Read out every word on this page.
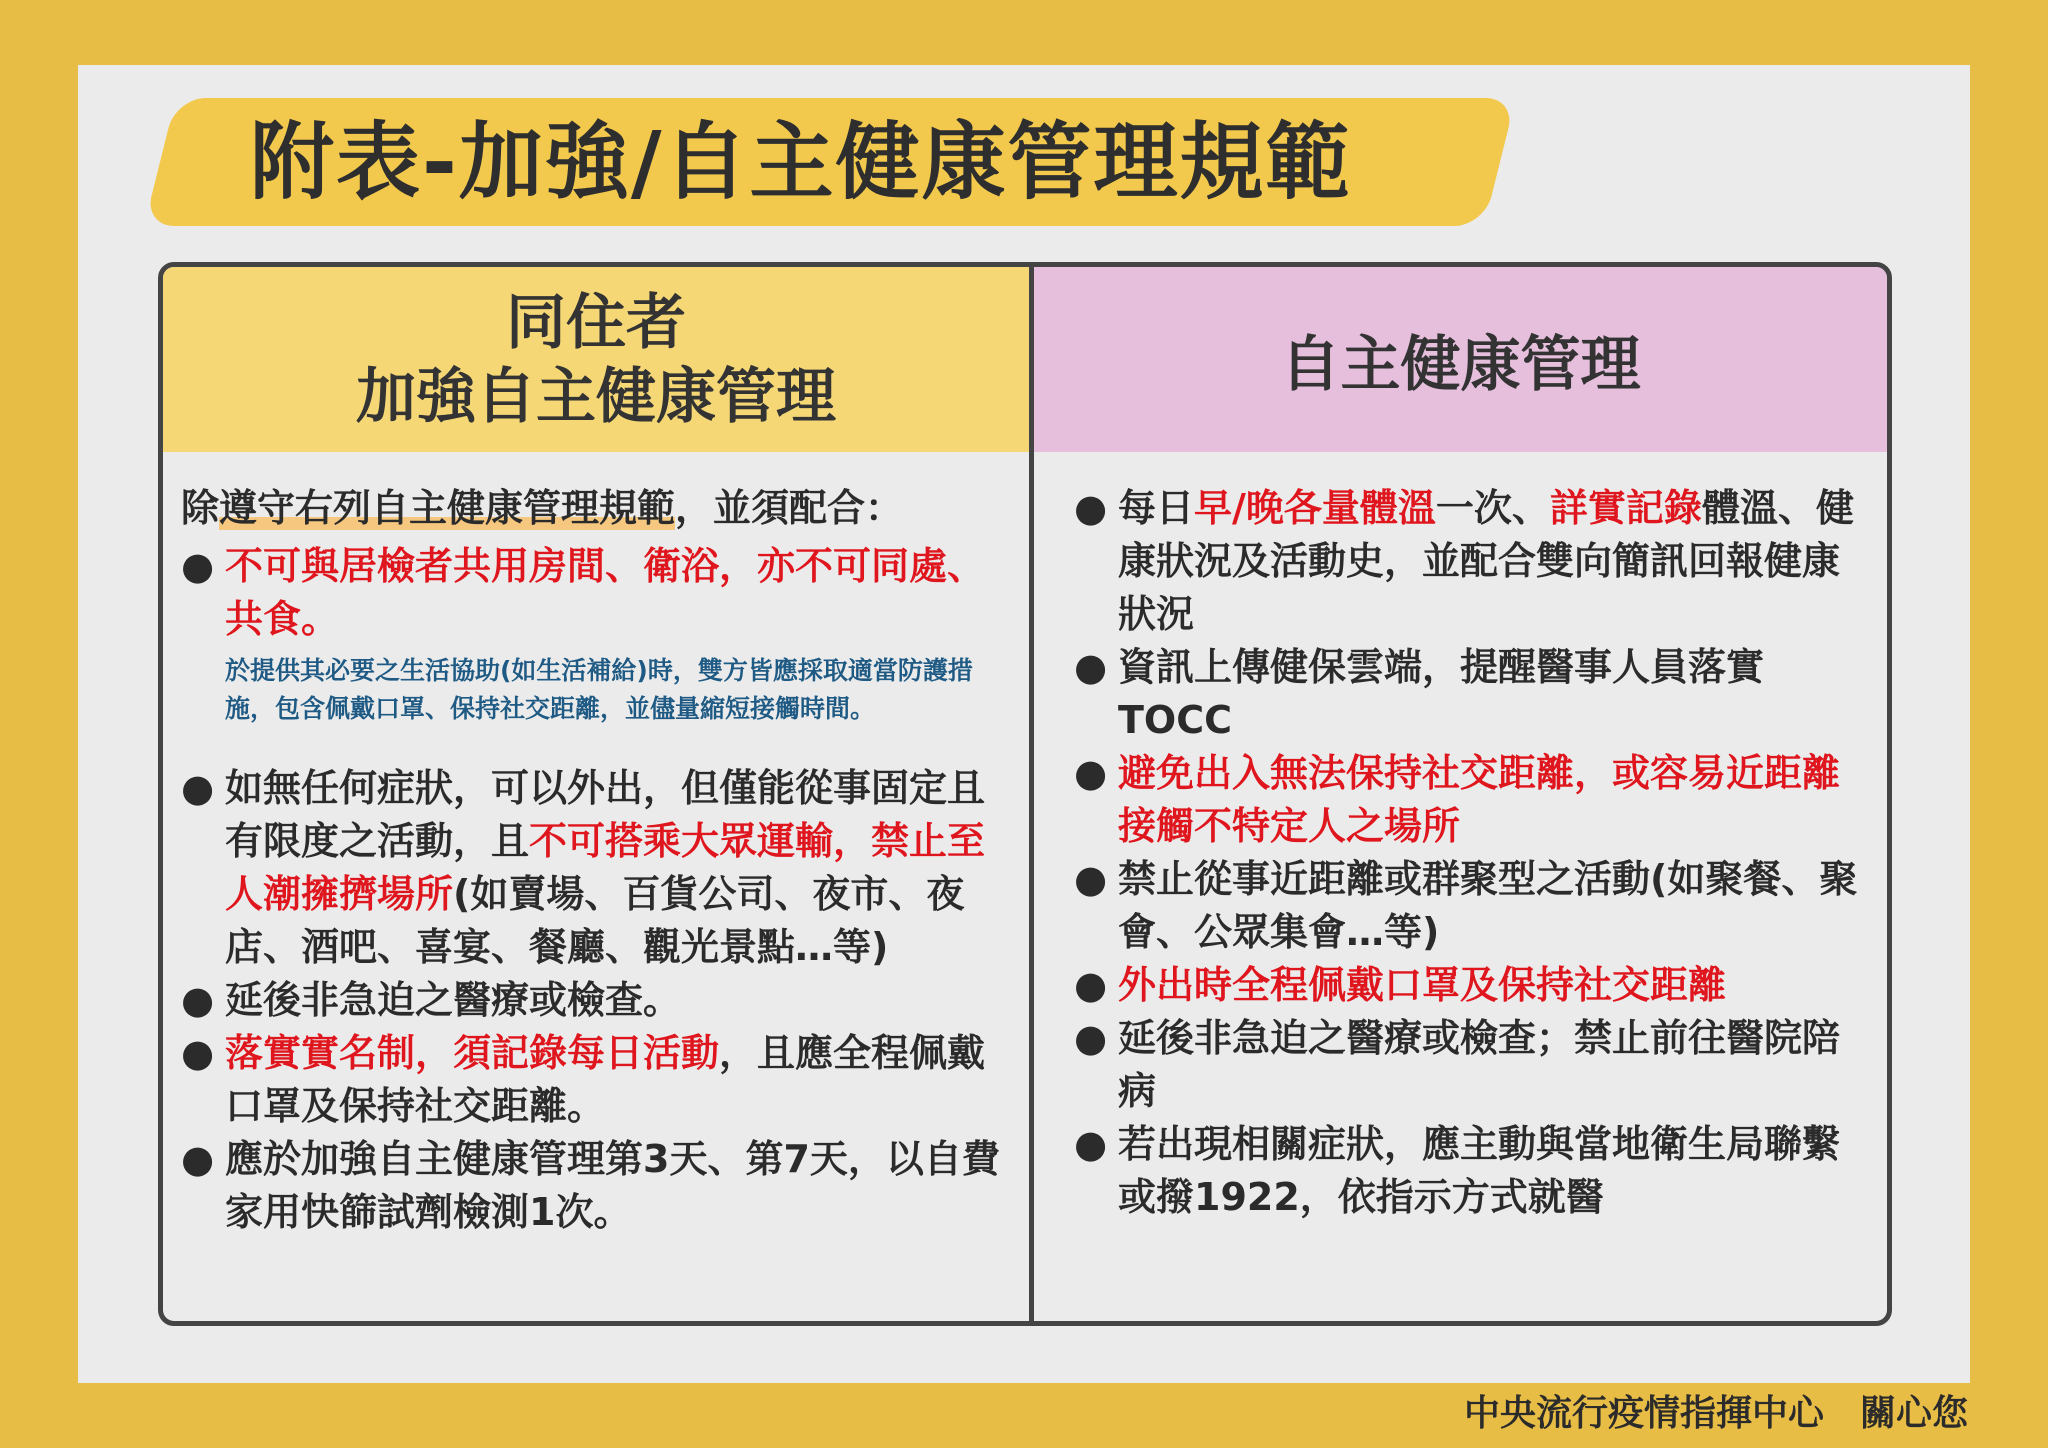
附表-加強/自主健康管理規範
同住者
加強自主健康管理
除遵守右列自主健康管理規範，並須配合：
● 不可與居檢者共用房間、衛浴，亦不可同處、共食。
於提供其必要之生活協助(如生活補給)時，雙方皆應採取適當防護措施，包含佩戴口罩、保持社交距離，並儘量縮短接觸時間。
● 如無任何症狀，可以外出，但僅能從事固定且有限度之活動，且不可搭乘大眾運輸，禁止至人潮擁擠場所(如賣場、百貨公司、夜市、夜店、酒吧、喜宴、餐廳、觀光景點…等)
● 延後非急迫之醫療或檢查。
● 落實實名制，須記錄每日活動，且應全程佩戴口罩及保持社交距離。
● 應於加強自主健康管理第3天、第7天，以自費家用快篩試劑檢測1次。
自主健康管理
● 每日早/晚各量體溫一次、詳實記錄體溫、健康狀況及活動史，並配合雙向簡訊回報健康狀況
● 資訊上傳健保雲端，提醒醫事人員落實TOCC
● 避免出入無法保持社交距離，或容易近距離接觸不特定人之場所
● 禁止從事近距離或群聚型之活動(如聚餐、聚會、公眾集會…等)
● 外出時全程佩戴口罩及保持社交距離
● 延後非急迫之醫療或檢查；禁止前往醫院陪病
● 若出現相關症狀，應主動與當地衛生局聯繫或撥1922，依指示方式就醫
中央流行疫情指揮中心　關心您
